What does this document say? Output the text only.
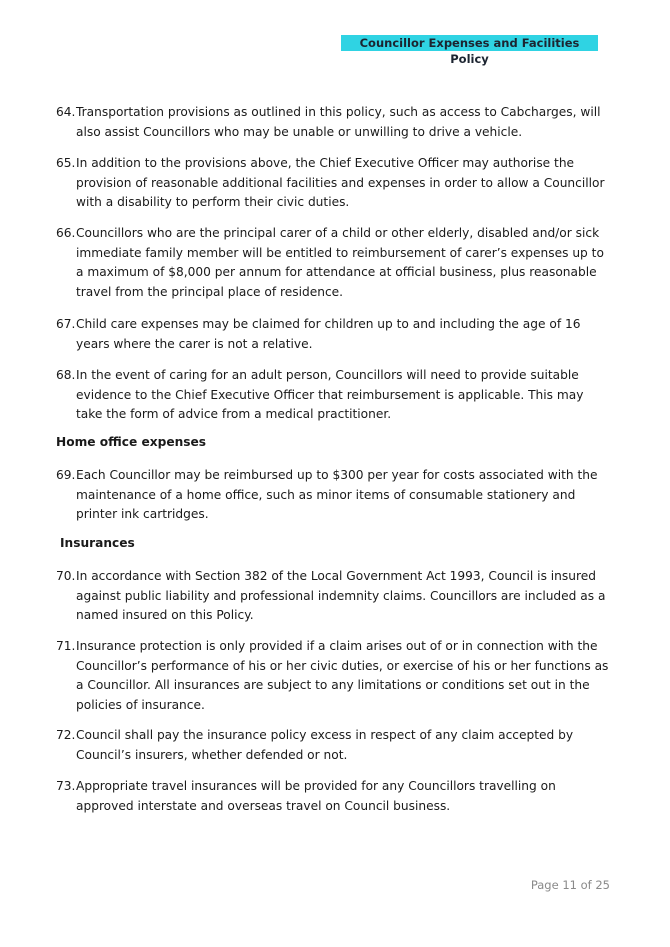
Councillor Expenses and Facilities Policy
64. Transportation provisions as outlined in this policy, such as access to Cabcharges, will also assist Councillors who may be unable or unwilling to drive a vehicle.
65. In addition to the provisions above, the Chief Executive Officer may authorise the provision of reasonable additional facilities and expenses in order to allow a Councillor with a disability to perform their civic duties.
66. Councillors who are the principal carer of a child or other elderly, disabled and/or sick immediate family member will be entitled to reimbursement of carer’s expenses up to a maximum of $8,000 per annum for attendance at official business, plus reasonable travel from the principal place of residence.
67. Child care expenses may be claimed for children up to and including the age of 16 years where the carer is not a relative.
68. In the event of caring for an adult person, Councillors will need to provide suitable evidence to the Chief Executive Officer that reimbursement is applicable. This may take the form of advice from a medical practitioner.
Home office expenses
69. Each Councillor may be reimbursed up to $300 per year for costs associated with the maintenance of a home office, such as minor items of consumable stationery and printer ink cartridges.
Insurances
70. In accordance with Section 382 of the Local Government Act 1993, Council is insured against public liability and professional indemnity claims. Councillors are included as a named insured on this Policy.
71. Insurance protection is only provided if a claim arises out of or in connection with the Councillor’s performance of his or her civic duties, or exercise of his or her functions as a Councillor. All insurances are subject to any limitations or conditions set out in the policies of insurance.
72. Council shall pay the insurance policy excess in respect of any claim accepted by Council’s insurers, whether defended or not.
73. Appropriate travel insurances will be provided for any Councillors travelling on approved interstate and overseas travel on Council business.
Page 11 of 25
